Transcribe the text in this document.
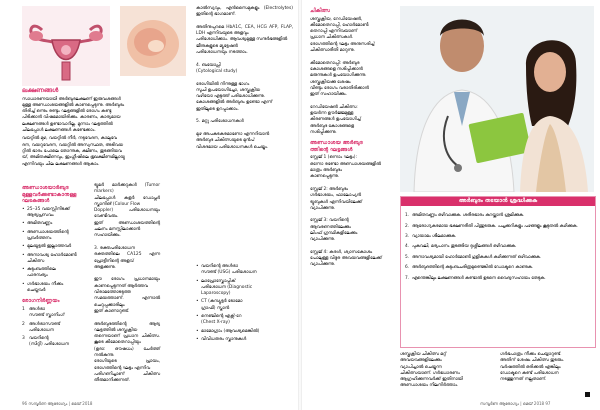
ലക്ഷണങ്ങൾ

സാധാരണയായി അർബുദലക്ഷണ് ഇരുവശങ്ങൾ
മുള്ള അണ്ഡാശയങ്ങളിൽ കാണപ്പെടുന്നു. അർബുദം
തിരിച്ച് ഒന്നും രണ്ടും ഘട്ടങ്ങളിൽ രോഗം കണ്ടു
പിടിക്കാൻ വിഷമമായിരിക്കും. കാരണം, കാര്യമായ
ലക്ഷണങ്ങൾ ഉണ്ടാവാറില്ല. മൂന്നാം ഘട്ടത്തിൽ
ചിലപ്പോൾ ലക്ഷണങ്ങൾ കണ്ടേക്കാം.

വയറ്റിൽ മുഴ, വയറ്റിൽ നീർ, നടുവേദന, കാലുവേ
ദന, വയറുവേദന, വയറ്റിൽ അസ്വസ്ഥത, അടിവയ
റ്റിൽ ഭാരം പോലെ തോന്നുക, ക്ഷീണം, തുടങ്ങിയവ
യ്, അമിതക്ഷീണവും, ഇംഗ്ലീഷിലെ ഭൂഖക്ഷീണമില്ലായ്മ
എന്നിവയും ചില ലക്ഷണങ്ങൾ ആകാം.

അണ്ഡാശയാർബുദ
മുള്ളവർക്കുണ്ടാകാനുള്ള
ഘടകങ്ങൾ

• 25–35 വയസ്സിനിടക്ക്
ആദ്യപ്രസവം

• അമിതവണ്ണം

• അണ്ഡാശയത്തിന്റെ
പ്രവർത്തനം

• മുലയൂട്ടൽ ഇല്ലാത്തവർ

• അനാവശ്യ ഹോർമോൺ
ചികിത്സ

• കുടുംബത്തിലെ
പാരമ്പര്യം

• ഗർഭാശയം നീക്കം
ചെയ്തവർ

രോഗനിർണ്ണയം

1 അൾട്രാ
സൗണ്ട് സ്കാനിംഗ്

2 അൾട്രാസൗണ്ട്
പരിശോധന

3 വയറിന്റെ
(സിറ്റി) പരിശോധന

ട്യൂമർ മാർക്കറുകൾ (Tumor markers)
ചിലപ്പോൾ കളർ ഡോപ്ലർ സ്കാനിങ് (Colour Flow
Doppler) പരിശോധനയും വേണ്ടിവരും.
ഇത് അണ്ഡാശയത്തിന്റെ ചലനം മനസ്സിലാക്കാൻ
സഹായിക്കും.

3. രക്തപരിശോധന
രക്തത്തിലെ CA125 എന്ന പ്രോട്ടീനിന്റെ അളവ്
അളക്കുന്നു.

ഈ രോഗം പ്രധാനമായും കാണപ്പെടുന്നത് ആർത്തവ
വിരാമത്തോടടുത്ത സമയത്താണ്. എന്നാൽ ചെറുപ്പക്കാരിലും
ഇത് കാണാറുണ്ട്.

അർബുദത്തിന്റെ ആദ്യ ഘട്ടത്തിൽ ശസ്ത്രക്രിയ
തന്നെയാണ് പ്രധാന ചികിത്സ. കൂടെ കീമോതെറാപ്പിയും
(ഉദാ: ഔഷധം) ചേർത്ത് നൽകുന്നു.
രോഗിയുടെ പ്രായം, രോഗത്തിന്റെ ഘട്ടം എന്നിവ
പരിഗണിച്ചാണ് ചികിത്സ തീരുമാനിക്കുന്നത്.

കാൽസ്യവും, എൻസൈമുകളും (Electrolytes) ഇതിന്റെ ഭാഗമാണ്.

അതിനുപുറമെ HbA1C, CEA, HCG AFP, FLAP, LDH എന്നിവയുടെ അളവും
പരിശോധിക്കാം. ആവശ്യമുള്ള സന്ദർഭങ്ങളിൽ
ജീനുകളുടെ മ്യൂട്ടേഷൻ
പരിശോധനയും നടത്താം.

4. ബയോപ്സി
(Cytological study)

രോഗിയിൽ നിന്നുള്ള ഭാഗം
സൂചി ഉപയോഗിച്ചോ, ശസ്ത്രക്രിയ
വഴിയോ എടുത്ത് പരിശോധിക്കുന്നു.
കോശങ്ങളിൽ അർബുദം ഉണ്ടോ എന്ന്
ഇതിലൂടെ ഉറപ്പാക്കാം.

5. മറ്റു പരിശോധനകൾ

മുഴ അപകടകരമാണോ എന്നറിയാൻ
അർബുദ ചികിത്സയുടെ മുൻപ്
വിശദമായ പരിശോധനകൾ ചെയ്യും.

• വയറിന്റെ അൾട്രാ
സൗണ്ട് (USG) പരിശോധന

• ലാപ്രോസ്കോപ്പിക്
പരിശോധന (Diagnostic
Laparoscopy)

• CT (കമ്പ്യൂട്ടർ ടോമോ
ഗ്രാഫി) സ്കാൻ

• നെഞ്ചിന്റെ എക്സ്-റേ
(Chest X-ray)

• മാമോഗ്രാം (ആവശ്യമെങ്കിൽ)

• വിവിധതരം സ്കാനുകൾ

96 സമ്പൂർണ ആരോഗ്യം | മെയ് 2018
ചികിത്സ

ശസ്ത്രക്രിയ, റേഡിയേഷൻ,
കീമോതെറാപ്പി, ഹോർമോൺ
തെറാപ്പി എന്നിവയാണ്
പ്രധാന ചികിത്സകൾ.
രോഗത്തിന്റെ ഘട്ടം അനുസരിച്ച്
ചികിത്സാരീതി മാറുന്നു.

കീമോതെറാപ്പി: അർബുദ
കോശങ്ങളെ നശിപ്പിക്കാൻ
മരുന്നുകൾ ഉപയോഗിക്കുന്നു.
ശസ്ത്രക്രിയക്കു ശേഷം
വീണ്ടും രോഗം വരാതിരിക്കാൻ
ഇത് സഹായിക്കും.

റേഡിയേഷൻ ചികിത്സ:
ഉയർന്ന ഊർജ്ജമുള്ള
കിരണങ്ങൾ ഉപയോഗിച്ച്
അർബുദ കോശങ്ങളെ
നശിപ്പിക്കുന്നു.

അണ്ഡാശയ അർബുദ
ത്തിന്റെ ഘട്ടങ്ങൾ

സ്റ്റേജ് 1 (ഒന്നാം ഘട്ടം):
ഒന്നോ രണ്ടോ അണ്ഡാശയങ്ങളിൽ
മാത്രം അർബുദം
കാണപ്പെടുന്നു.

സ്റ്റേജ് 2: അർബുദം
ഗർഭാശയം, ഫാലോപ്യൻ
ട്യൂബുകൾ എന്നിവയിലേക്ക്
വ്യാപിക്കുന്നു.

സ്റ്റേജ് 3: വയറിന്റെ
ആവരണത്തിലേക്കും
ലിംഫ് ഗ്രന്ഥികളിലേക്കും
വ്യാപിക്കുന്നു.

സ്റ്റേജ് 4: കരൾ, ശ്വാസകോശം
പോലുള്ള വിദൂര അവയവങ്ങളിലേക്ക്
വ്യാപിക്കുന്നു.

അർബുദം തടയാൻ ശ്രദ്ധിക്കുക

1. അമിതവണ്ണം ഒഴിവാക്കുക. ശരീരഭാരം കുറയ്ക്കാൻ ശ്രമിക്കുക.

2. ആരോഗ്യകരമായ ഭക്ഷണരീതി പിന്തുടരുക. പച്ചക്കറികളും പഴങ്ങളും കൂടുതൽ കഴിക്കുക.

3. വ്യായാമം ശീലമാക്കുക.

4. പുകവലി, മദ്യപാനം തുടങ്ങിയ ദുശ്ശീലങ്ങൾ ഒഴിവാക്കുക.

5. അനാവശ്യമായി ഹോർമോൺ ഗുളികകൾ കഴിക്കുന്നത് ഒഴിവാക്കുക.

6. അർബുദത്തിന്റെ കുടുംബചരിത്രമുണ്ടെങ്കിൽ ഡോക്ടറെ കാണുക.

7. എന്തെങ്കിലും ലക്ഷണങ്ങൾ കണ്ടാൽ ഉടനെ വൈദ്യസഹായം തേടുക.

ശസ്ത്രക്രിയ ചികിത്സ മറ്റ്
അവയവങ്ങളിലേക്കും
വ്യാപിച്ചാൽ ചെയ്യുന്ന
ചികിത്സയാണ്. ഗർഭധാരണം
ആഗ്രഹിക്കുന്നവർക്ക് ഇതിനായി
അണ്ഡാശയം നിലനിർത്താം.

ഗർഭപാത്രം നീക്കം ചെയ്യാറുണ്ട്.
അതിന് ശേഷം ചികിത്സ തുടരും.
വർഷത്തിൽ ഒരിക്കൽ എങ്കിലും
ഡോക്ടറെ കണ്ട് പരിശോധന
നടത്തുന്നത് നല്ലതാണ്.

സമ്പൂർണ ആരോഗ്യം | മെയ് 2018 97
